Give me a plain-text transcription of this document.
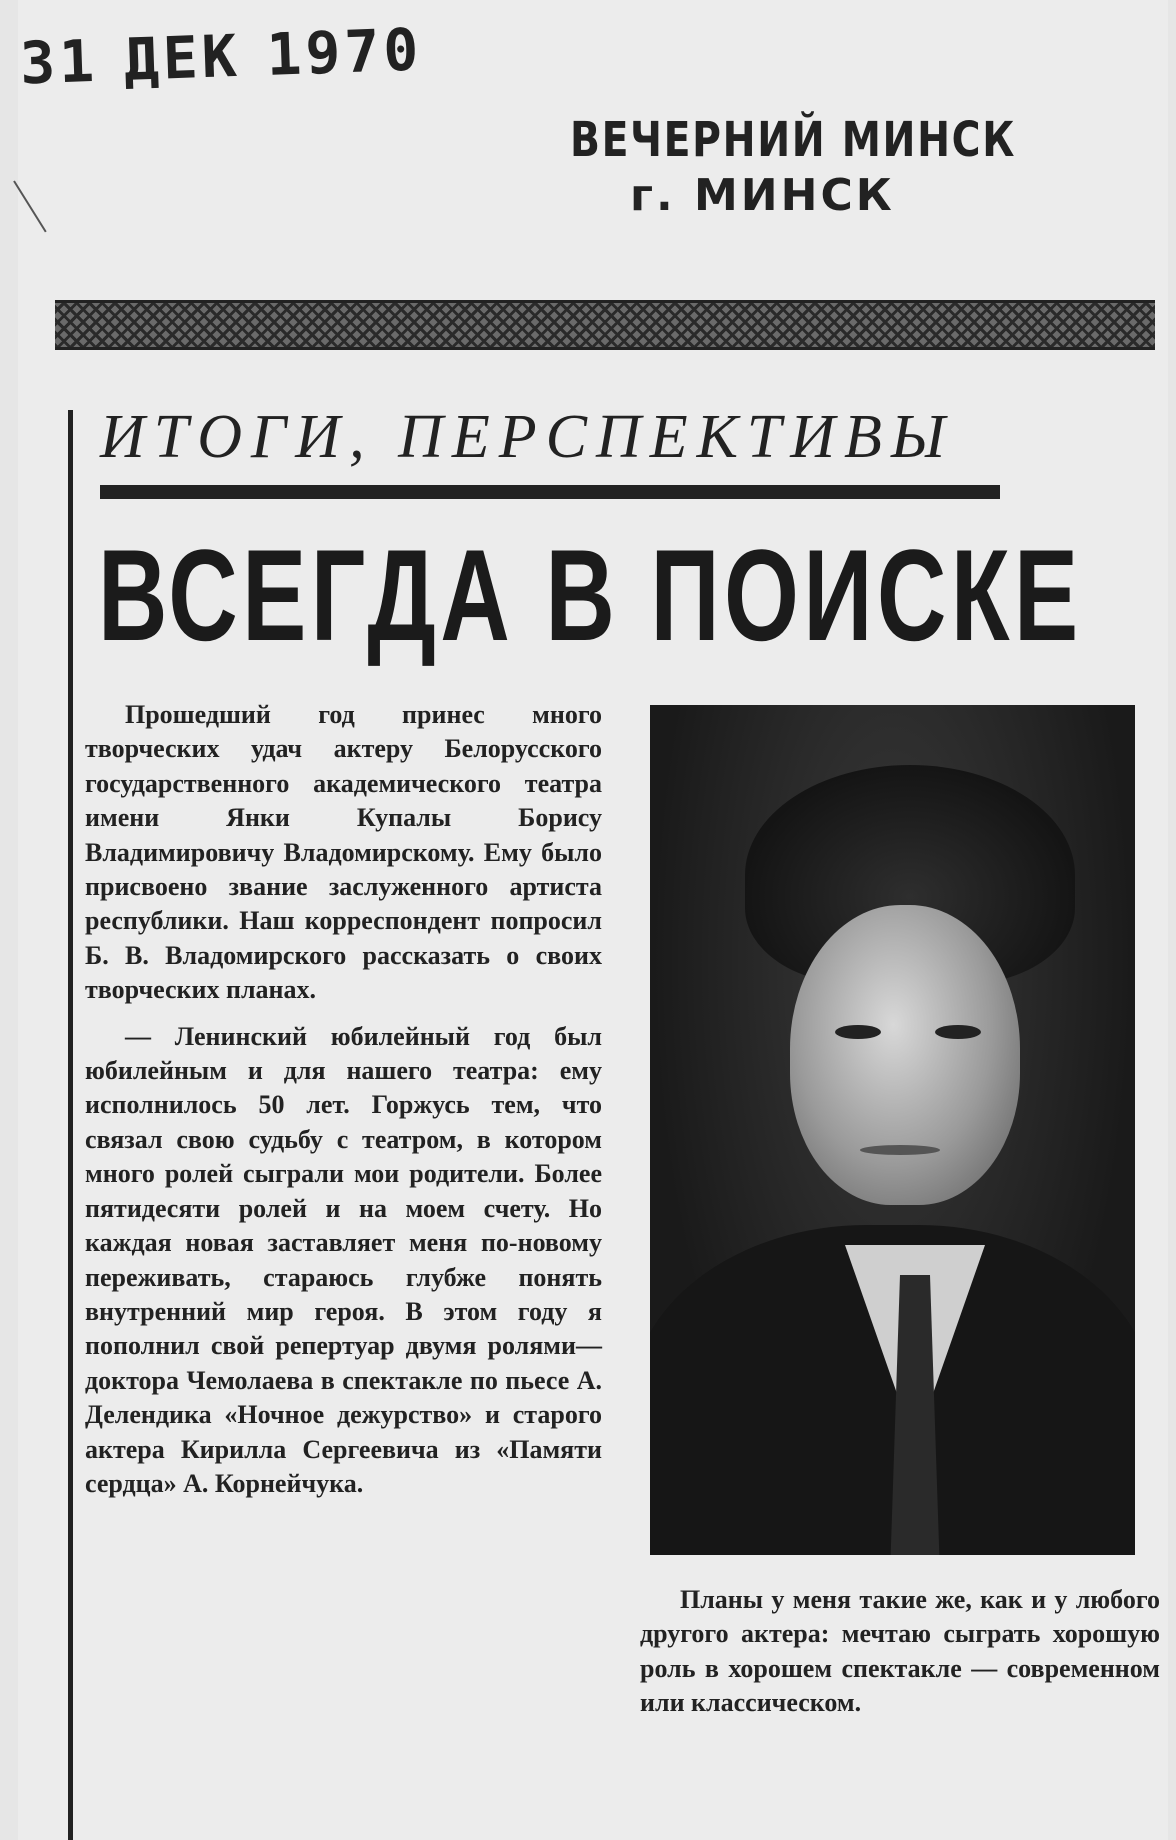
31 ДЕК 1970
ВЕЧЕРНИЙ МИНСК
г. МИНСК
ИТОГИ, ПЕРСПЕКТИВЫ
ВСЕГДА В ПОИСКЕ

Прошедший год принес много творческих удач актеру Белорусского государственного академического театра имени Янки Купалы Борису Владимировичу Владомирскому. Ему было присвоено звание заслуженного артиста республики. Наш корреспондент попросил Б. В. Владомирского рассказать о своих творческих планах.

— Ленинский юбилейный год был юбилейным и для нашего театра: ему исполнилось 50 лет. Горжусь тем, что связал свою судьбу с театром, в котором много ролей сыграли мои родители. Более пятидесяти ролей и на моем счету. Но каждая новая заставляет меня по-новому переживать, стараюсь глубже понять внутренний мир героя. В этом году я пополнил свой репертуар двумя ролями—доктора Чемолаева в спектакле по пьесе А. Делендика «Ночное дежурство» и старого актера Кирилла Сергеевича из «Памяти сердца» А. Корнейчука.

Планы у меня такие же, как и у любого другого актера: мечтаю сыграть хорошую роль в хорошем спектакле — современном или классическом.
